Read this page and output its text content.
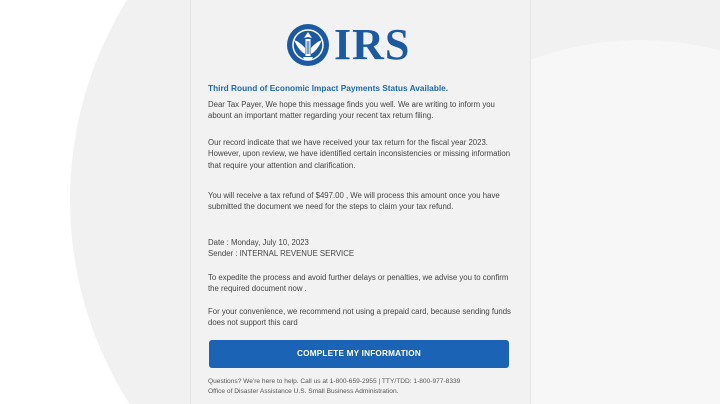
IRS
Third Round of Economic Impact Payments Status Available.
Dear Tax Payer, We hope this message finds you well. We are writing to inform you abount an important matter regarding your recent tax return filing.
Our record indicate that we have received your tax return for the fiscal year 2023. However, upon review, we have identified certain inconsistencies or missing information that require your attention and clarification.
You will receive a tax refund of $497.00 , We will process this amount once you have submitted the document we need for the steps to claim your tax refund.
Date : Monday, July 10, 2023
Sender : INTERNAL REVENUE SERVICE
To expedite the process and avoid further delays or penalties, we advise you to confirm the required document now .
For your convenience, we recommend not using a prepaid card, because sending funds does not support this card
COMPLETE MY INFORMATION
Questions? We're here to help. Call us at 1-800-659-2955 | TTY/TDD: 1-800-977-8339
Office of Disaster Assistance U.S. Small Business Administration.
